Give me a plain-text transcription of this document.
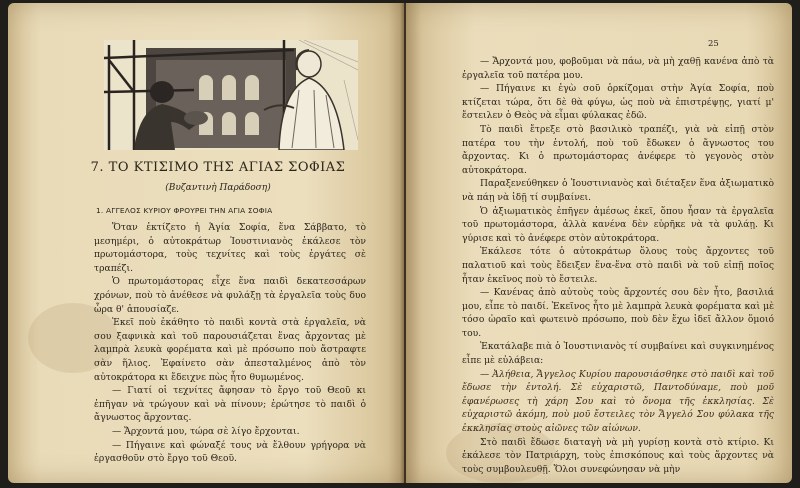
7. ΤΟ ΚΤΙΣΙΜΟ ΤΗΣ ΑΓΙΑΣ ΣΟΦΙΑΣ
(Βυζαντινὴ Παράδοση)
1. ΑΓΓΕΛΟΣ ΚΥΡΙΟΥ ΦΡΟΥΡΕΙ ΤΗΝ ΑΓΙΑ ΣΟΦΙΑ

Ὅταν ἐκτίζετο ἡ Ἁγία Σοφία, ἕνα Σάββατο, τὸ μεσημέρι, ὁ αὐτοκράτωρ Ἰουστινιανὸς ἐκάλεσε τὸν πρωτομάστορα, τοὺς τεχνίτες καὶ τοὺς ἐργάτες σὲ τραπέζι.

Ὁ πρωτομάστορας εἶχε ἕνα παιδὶ δεκατεσσάρων χρόνων, ποὺ τὸ ἀνέθεσε νὰ φυλάξῃ τὰ ἐργαλεῖα τοὺς δυο ὧρα θ' ἀπουσίαζε.

Ἐκεῖ ποὺ ἐκάθητο τὸ παιδὶ κοντὰ στὰ ἐργαλεῖα, νὰ σου ξαφνικὰ καὶ τοῦ παρουσιάζεται ἕνας ἄρχοντας μὲ λαμπρὰ λευκὰ φορέματα καὶ μὲ πρόσωπο ποὺ ἄστραφτε σὰν ἥλιος. Ἐφαίνετο σὰν ἀπεσταλμένος ἀπὸ τὸν αὐτοκράτορα κι ἔδειχνε πὼς ἦτο θυμωμένος.

— Γιατί οἱ τεχνίτες ἄφησαν τὸ ἔργο τοῦ Θεοῦ κι ἐπῆγαν νὰ τρώγουν καὶ νὰ πίνουν; ἐρώτησε τὸ παιδὶ ὁ ἄγνωστος ἄρχοντας.

— Ἄρχοντά μου, τώρα σὲ λίγο ἔρχονται.

— Πήγαινε καὶ φώναξέ τους νὰ ἔλθουν γρήγορα νὰ ἐργασθοῦν στὸ ἔργο τοῦ Θεοῦ.

25

— Ἄρχοντά μου, φοβοῦμαι νὰ πάω, νὰ μὴ χαθῇ κανένα ἀπὸ τὰ ἐργαλεῖα τοῦ πατέρα μου.

— Πήγαινε κι ἐγὼ σοῦ ὁρκίζομαι στὴν Ἁγία Σοφία, ποὺ κτίζεται τώρα, ὅτι δὲ θὰ φύγω, ὡς ποὺ νὰ ἐπιστρέψῃς, γιατί μ' ἔστειλεν ὁ Θεὸς νὰ εἶμαι φύλακας ἐδῶ.

Τὸ παιδὶ ἔτρεξε στὸ βασιλικὸ τραπέζι, γιὰ νὰ εἰπῇ στὸν πατέρα του τὴν ἐντολή, ποὺ τοῦ ἔδωκεν ὁ ἄγνωστος του ἄρχοντας. Κι ὁ πρωτομάστορας ἀνέφερε τὸ γεγονὸς στὸν αὐτοκράτορα.

Παραξενεύθηκεν ὁ Ἰουστινιανὸς καὶ διέταξεν ἕνα ἀξιωματικὸ νὰ πάῃ νὰ ἰδῇ τί συμβαίνει.

Ὁ ἀξιωματικὸς ἐπῆγεν ἀμέσως ἐκεῖ, ὅπου ἦσαν τὰ ἐργαλεῖα τοῦ πρωτομάστορα, ἀλλὰ κανένα δὲν εὑρῆκε νὰ τὰ φυλάῃ. Κι γύρισε καὶ τὸ ἀνέφερε στὸν αὐτοκράτορα.

Ἐκάλεσε τότε ὁ αὐτοκράτωρ ὅλους τοὺς ἄρχοντες τοῦ παλατιοῦ καὶ τοὺς ἔδειξεν ἕνα-ἕνα στὸ παιδὶ νὰ τοῦ εἰπῇ ποῖος ἦταν ἐκεῖνος ποὺ τὸ ἔστειλε.

— Κανένας ἀπὸ αὐτοὺς τοὺς ἄρχοντές σου δὲν ἦτο, βασιλιά μου, εἶπε τὸ παιδί. Ἐκεῖνος ἦτο μὲ λαμπρὰ λευκὰ φορέματα καὶ μὲ τόσο ὡραῖο καὶ φωτεινὸ πρόσωπο, ποὺ δὲν ἔχω ἰδεῖ ἄλλον ὅμοιό του.

Ἐκατάλαβε πιὰ ὁ Ἰουστινιανὸς τί συμβαίνει καὶ συγκινημένος εἶπε μὲ εὐλάβεια:

— Ἀλήθεια, Ἄγγελος Κυρίου παρουσιάσθηκε στὸ παιδὶ καὶ τοῦ ἔδωσε τὴν ἐντολή. Σὲ εὐχαριστῶ, Παντοδύναμε, ποὺ μοῦ ἐφανέρωσες τὴ χάρη Σου καὶ τὸ ὄνομα τῆς ἐκκλησίας. Σὲ εὐχαριστῶ ἀκόμη, ποὺ μοῦ ἔστειλες τὸν Ἄγγελό Σου φύλακα τῆς ἐκκλησίας στοὺς αἰῶνες τῶν αἰώνων.

Στὸ παιδὶ ἔδωσε διαταγὴ νὰ μὴ γυρίσῃ κοντὰ στὸ κτίριο. Κι ἐκάλεσε τὸν Πατριάρχη, τοὺς ἐπισκόπους καὶ τοὺς ἄρχοντες νὰ τοὺς συμβουλευθῇ. Ὅλοι συνεφώνησαν νὰ μὴν
